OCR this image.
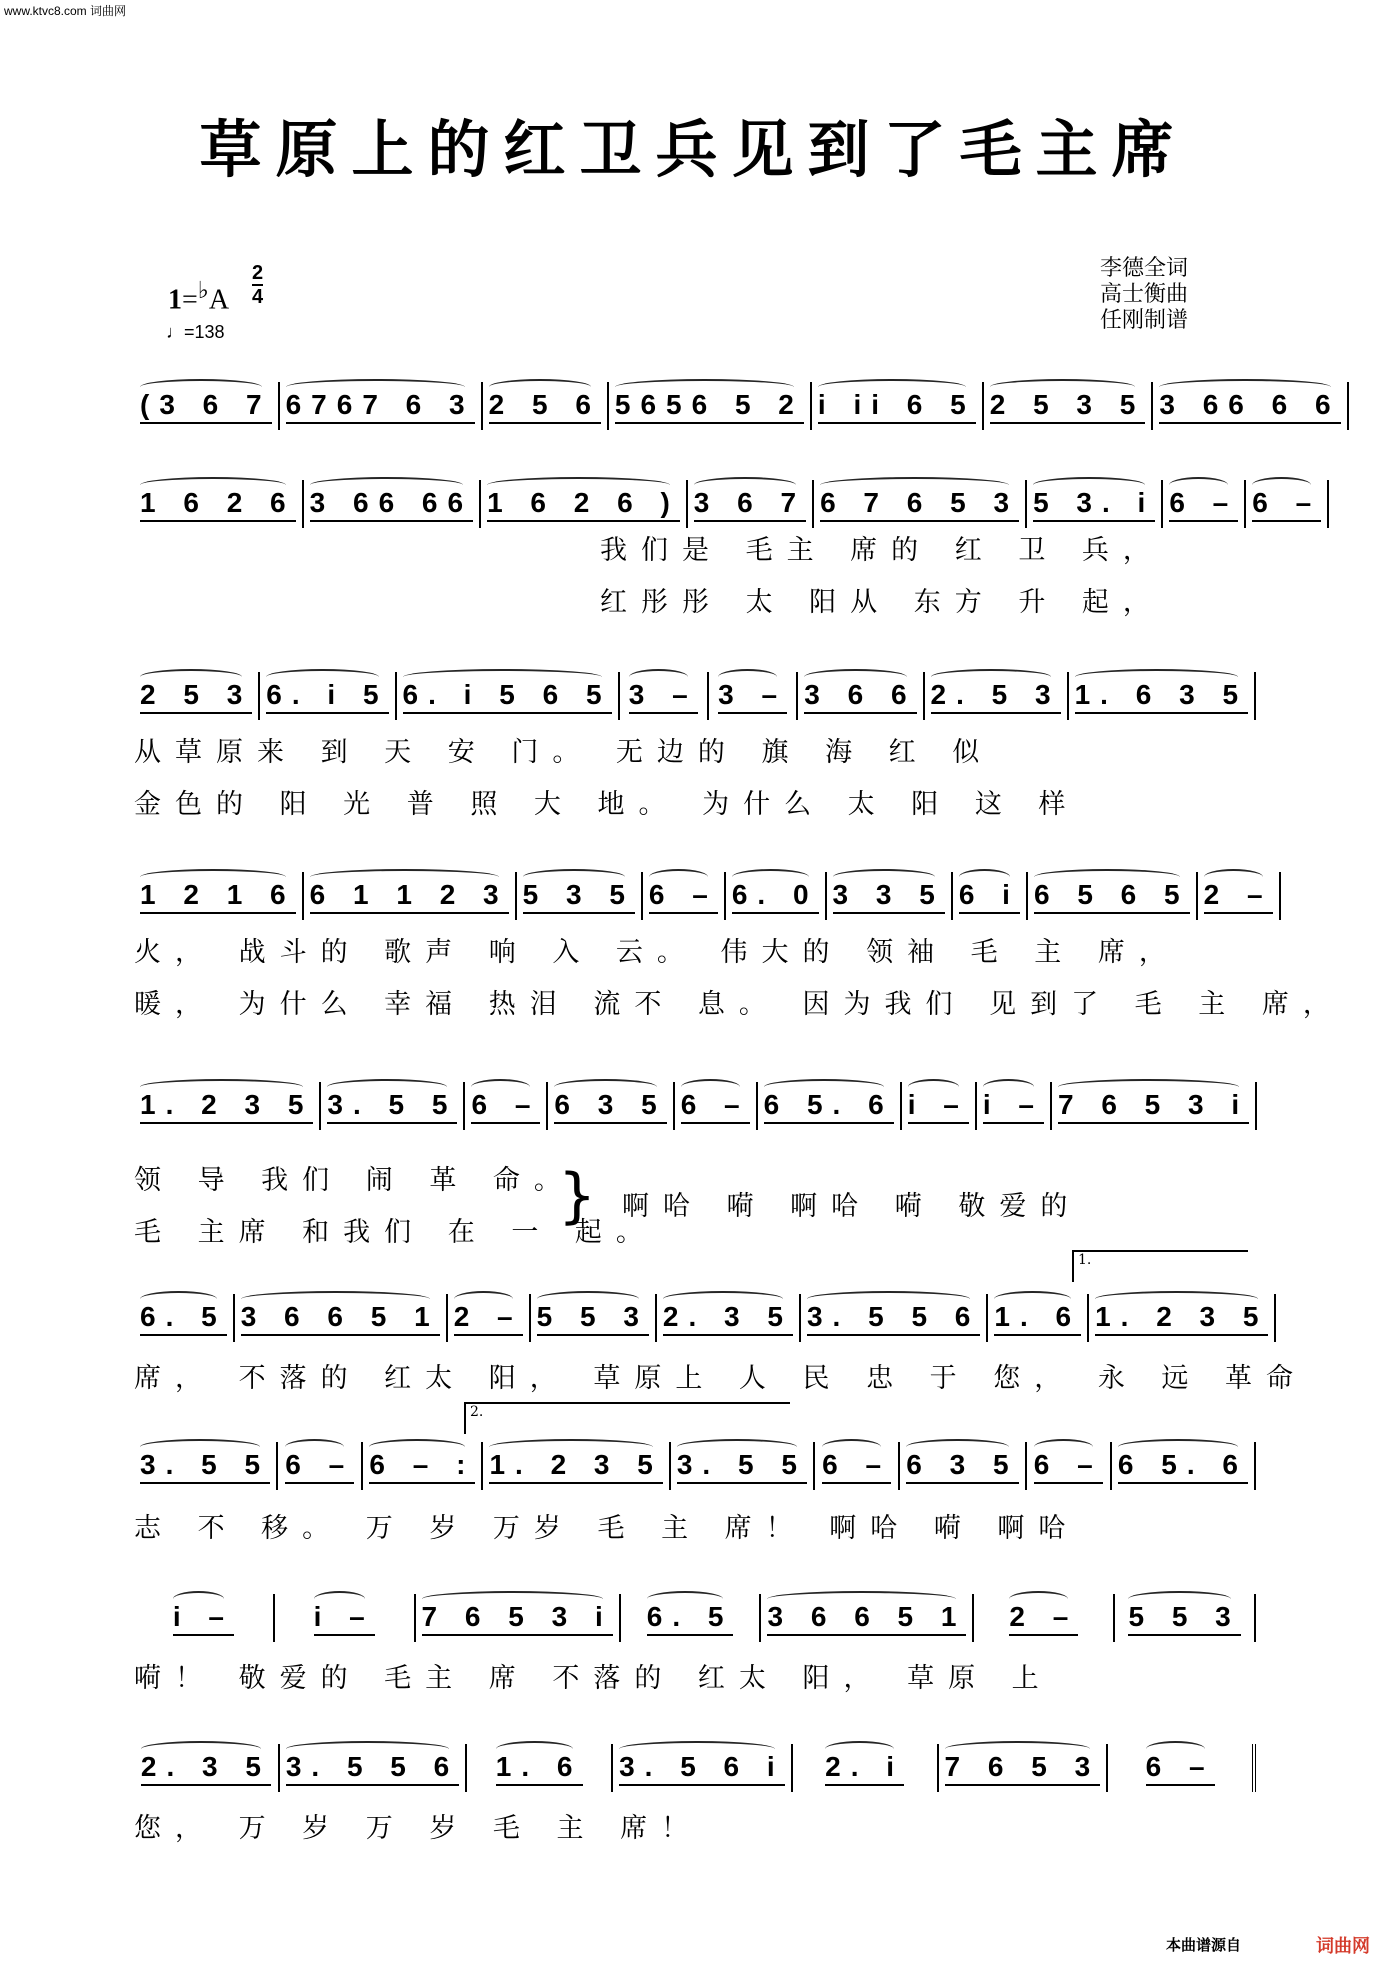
www.ktvc8.com 词曲网
草原上的红卫兵见到了毛主席
1=♭A
2
4
♩=138
李德全词
高士衡曲
任刚制谱
(3 6 7 6767 6 3 2 5 6 5656 5 2 i ii 6 5 2 5 3 5 3 66 6 6
1 6 2 6 3 66 66 1 6 2 6 ) 3 6 7 6 7 6 5 3 5 3. i 6 – 6 –
我们是 毛主 席的 红 卫 兵，
红彤彤 太 阳从 东方 升 起，
2 5 3 6. i 5 6. i 5 6 5 3 – 3 – 3 6 6 2. 5 3 1. 6 3 5
从草原来 到 天 安 门。 无边的 旗 海 红 似
金色的 阳 光 普 照 大 地。 为什么 太 阳 这 样
1 2 1 6 6 1 1 2 3 5 3 5 6 – 6. 0 3 3 5 6 i 6 5 6 5 2 –
火， 战斗的 歌声 响 入 云。 伟大的 领袖 毛 主 席，
暖， 为什么 幸福 热泪 流不 息。 因为我们 见到了 毛 主 席，
1. 2 3 5 3. 5 5 6 – 6 3 5 6 – 6 5. 6 i – i – 7 6 5 3 i
领 导 我们 闹 革 命。
毛 主席 和我们 在 一 起。
} 啊哈 嗬 啊哈 嗬 敬爱的
1.
6. 5 3 6 6 5 1 2 – 5 5 3 2. 3 5 3. 5 5 6 1. 6 1. 2 3 5
席， 不落的 红太 阳， 草原上 人 民 忠 于 您， 永 远 革命
2.
3. 5 5 6 – 6 – : 1. 2 3 5 3. 5 5 6 – 6 3 5 6 – 6 5. 6
志 不 移。 万 岁 万岁 毛 主 席！ 啊哈 嗬 啊哈
i –	i – 7 6 5 3 i 6. 5 3 6 6 5 1 2 – 5 5 3
嗬！ 敬爱的 毛主 席 不落的 红太 阳， 草原 上
2. 3 5 3. 5 5 6 1. 6 3. 5 6 i 2. i 7 6 5 3 6 –
您， 万 岁 万 岁 毛 主 席！
本曲谱源自	词曲网
